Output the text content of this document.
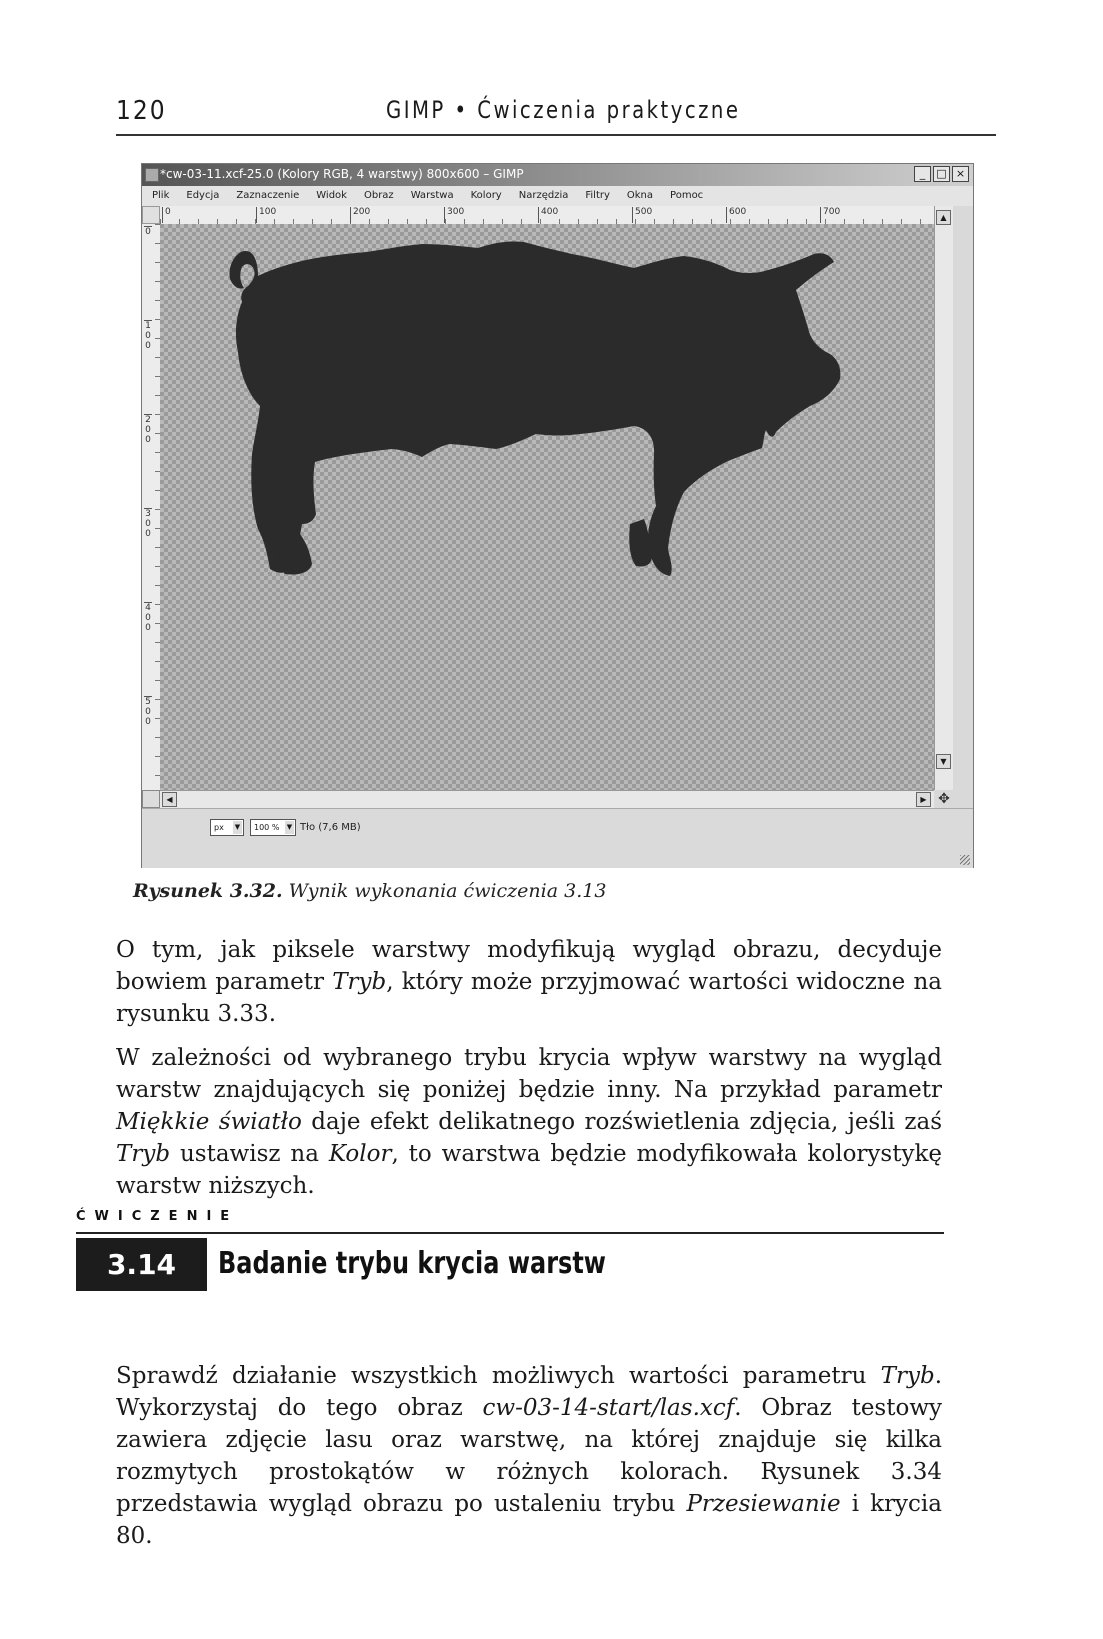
120	GIMP • Ćwiczenia praktyczne
*cw-03-11.xcf-25.0 (Kolory RGB, 4 warstwy) 800x600 – GIMP	_	□ ×
Plik Edycja Zaznaczenie Widok Obraz Warstwa Kolory Narzędzia Filtry Okna Pomoc
0	100	200	300	400	500	600	700
0
100
200
300
400
500
▲
▼
◀	▶ ✥
px ▼	100 % ▼ Tło (7,6 MB)
Rysunek 3.32. Wynik wykonania ćwiczenia 3.13

O tym, jak piksele warstwy modyfikują wygląd obrazu, decyduje bowiem parametr Tryb, który może przyjmować wartości widoczne na rysunku 3.33.

W zależności od wybranego trybu krycia wpływ warstwy na wygląd warstw znajdujących się poniżej będzie inny. Na przykład parametr Miękkie światło daje efekt delikatnego rozświetlenia zdjęcia, jeśli zaś Tryb ustawisz na Kolor, to warstwa będzie modyfikowała kolorystykę warstw niższych.

ĆWICZENIE
3.14	Badanie trybu krycia warstw

Sprawdź działanie wszystkich możliwych wartości parametru Tryb. Wykorzystaj do tego obraz cw-03-14-start/las.xcf. Obraz testowy zawiera zdjęcie lasu oraz warstwę, na której znajduje się kilka rozmytych prostokątów w różnych kolorach. Rysunek 3.34 przedstawia wygląd obrazu po ustaleniu trybu Przesiewanie i krycia 80.
